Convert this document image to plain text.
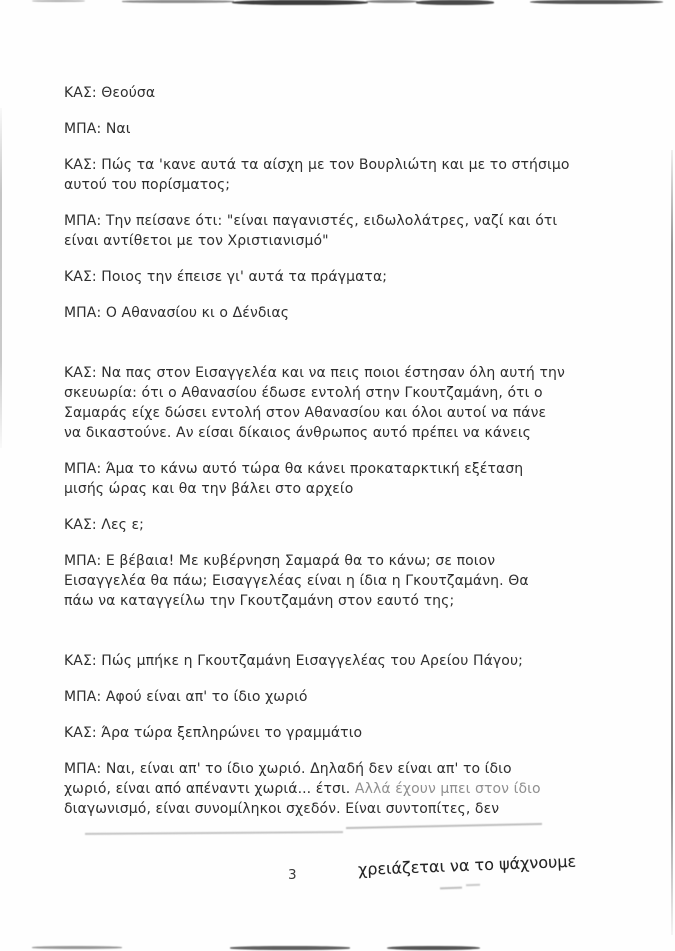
ΚΑΣ: Θεούσα

ΜΠΑ: Ναι

ΚΑΣ: Πώς τα 'κανε αυτά τα αίσχη με τον Βουρλιώτη και με το στήσιμο
αυτού του πορίσματος;

ΜΠΑ: Την πείσανε ότι: "είναι παγανιστές, ειδωλολάτρες, ναζί και ότι
είναι αντίθετοι με τον Χριστιανισμό"

ΚΑΣ: Ποιος την έπεισε γι' αυτά τα πράγματα;

ΜΠΑ: Ο Αθανασίου κι ο Δένδιας

ΚΑΣ: Να πας στον Εισαγγελέα και να πεις ποιοι έστησαν όλη αυτή την
σκευωρία: ότι ο Αθανασίου έδωσε εντολή στην Γκουτζαμάνη, ότι ο
Σαμαράς είχε δώσει εντολή στον Αθανασίου και όλοι αυτοί να πάνε
να δικαστούνε. Αν είσαι δίκαιος άνθρωπος αυτό πρέπει να κάνεις

ΜΠΑ: Άμα το κάνω αυτό τώρα θα κάνει προκαταρκτική εξέταση
μισής ώρας και θα την βάλει στο αρχείο

ΚΑΣ: Λες ε;

ΜΠΑ: Ε βέβαια! Με κυβέρνηση Σαμαρά θα το κάνω; σε ποιον
Εισαγγελέα θα πάω; Εισαγγελέας είναι η ίδια η Γκουτζαμάνη. Θα
πάω να καταγγείλω την Γκουτζαμάνη στον εαυτό της;

ΚΑΣ: Πώς μπήκε η Γκουτζαμάνη Εισαγγελέας του Αρείου Πάγου;

ΜΠΑ: Αφού είναι απ' το ίδιο χωριό

ΚΑΣ: Άρα τώρα ξεπληρώνει το γραμμάτιο

ΜΠΑ: Ναι, είναι απ' το ίδιο χωριό. Δηλαδή δεν είναι απ' το ίδιο
χωριό, είναι από απέναντι χωριά... έτσι. Αλλά έχουν μπει στον ίδιο
διαγωνισμό, είναι συνομίληκοι σχεδόν. Είναι συντοπίτες, δεν

3	χρειάζεται να το ψάχνουμε
